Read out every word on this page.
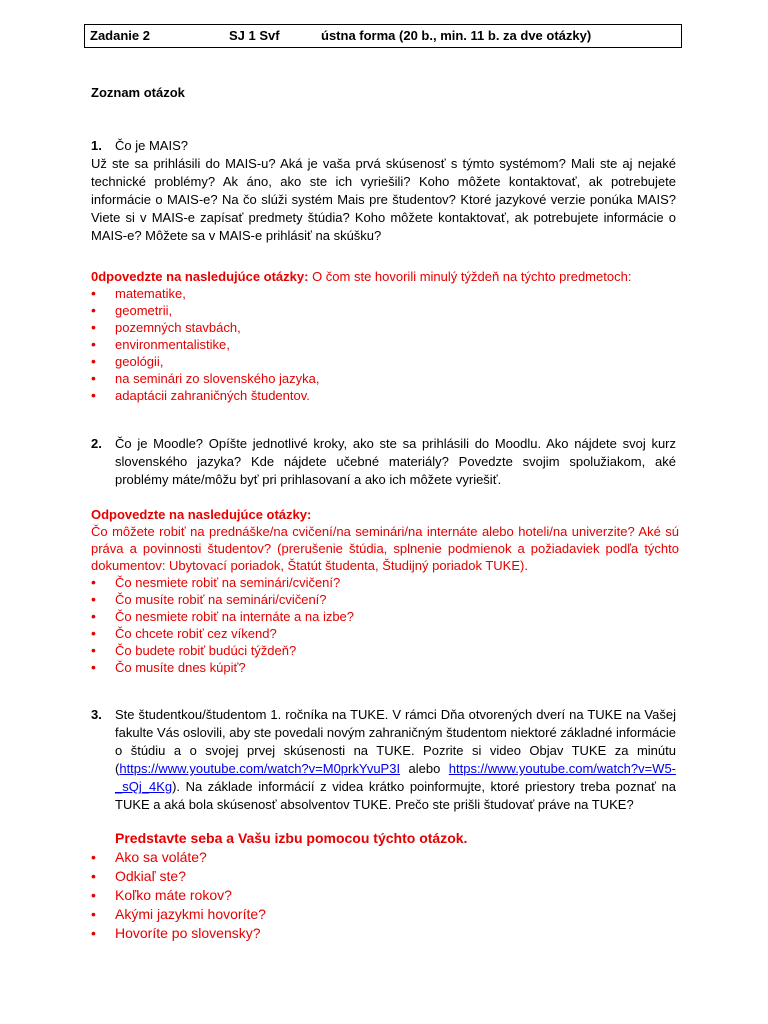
Zadanie 2	SJ 1 Svf	ústna forma (20 b., min. 11 b. za dve otázky)
Zoznam otázok
1. Čo je MAIS?
Už ste sa prihlásili do MAIS-u? Aká je vaša prvá skúsenosť s týmto systémom? Mali ste aj nejaké technické problémy? Ak áno, ako ste ich vyriešili? Koho môžete kontaktovať, ak potrebujete informácie o MAIS-e? Na čo slúži systém Mais pre študentov? Ktoré jazykové verzie ponúka MAIS? Viete si v MAIS-e zapísať predmety štúdia? Koho môžete kontaktovať, ak potrebujete informácie o MAIS-e? Môžete sa v MAIS-e prihlásiť na skúšku?
0dpovedzte na nasledujúce otázky: O čom ste hovorili minulý týždeň na týchto predmetoch:
• matematike,
• geometrii,
• pozemných stavbách,
• environmentalistike,
• geológii,
• na seminári zo slovenského jazyka,
• adaptácii zahraničných študentov.
2. Čo je Moodle? Opíšte jednotlivé kroky, ako ste sa prihlásili do Moodlu. Ako nájdete svoj kurz slovenského jazyka? Kde nájdete učebné materiály? Povedzte svojim spolužiakom, aké problémy máte/môžu byť pri prihlasovaní a ako ich môžete vyriešiť.
Odpovedzte na nasledujúce otázky:
Čo môžete robiť na prednáške/na cvičení/na seminári/na internáte alebo hoteli/na univerzite? Aké sú práva a povinnosti študentov? (prerušenie štúdia, splnenie podmienok a požiadaviek podľa týchto dokumentov: Ubytovací poriadok, Štatút študenta, Študijný poriadok TUKE).
• Čo nesmiete robiť na seminári/cvičení?
• Čo musíte robiť na seminári/cvičení?
• Čo nesmiete robiť na internáte a na izbe?
• Čo chcete robiť cez víkend?
• Čo budete robiť budúci týždeň?
• Čo musíte dnes kúpiť?
3. Ste študentkou/študentom 1. ročníka na TUKE. V rámci Dňa otvorených dverí na TUKE na Vašej fakulte Vás oslovili, aby ste povedali novým zahraničným študentom niektoré základné informácie o štúdiu a o svojej prvej skúsenosti na TUKE. Pozrite si video Objav TUKE za minútu (https://www.youtube.com/watch?v=M0prkYvuP3I alebo https://www.youtube.com/watch?v=W5-_sQj_4Kg). Na základe informácií z videa krátko poinformujte, ktoré priestory treba poznať na TUKE a aká bola skúsenosť absolventov TUKE. Prečo ste prišli študovať práve na TUKE?
Predstavte seba a Vašu izbu pomocou týchto otázok.
• Ako sa voláte?
• Odkiaľ ste?
• Koľko máte rokov?
• Akými jazykmi hovoríte?
• Hovoríte po slovensky?
